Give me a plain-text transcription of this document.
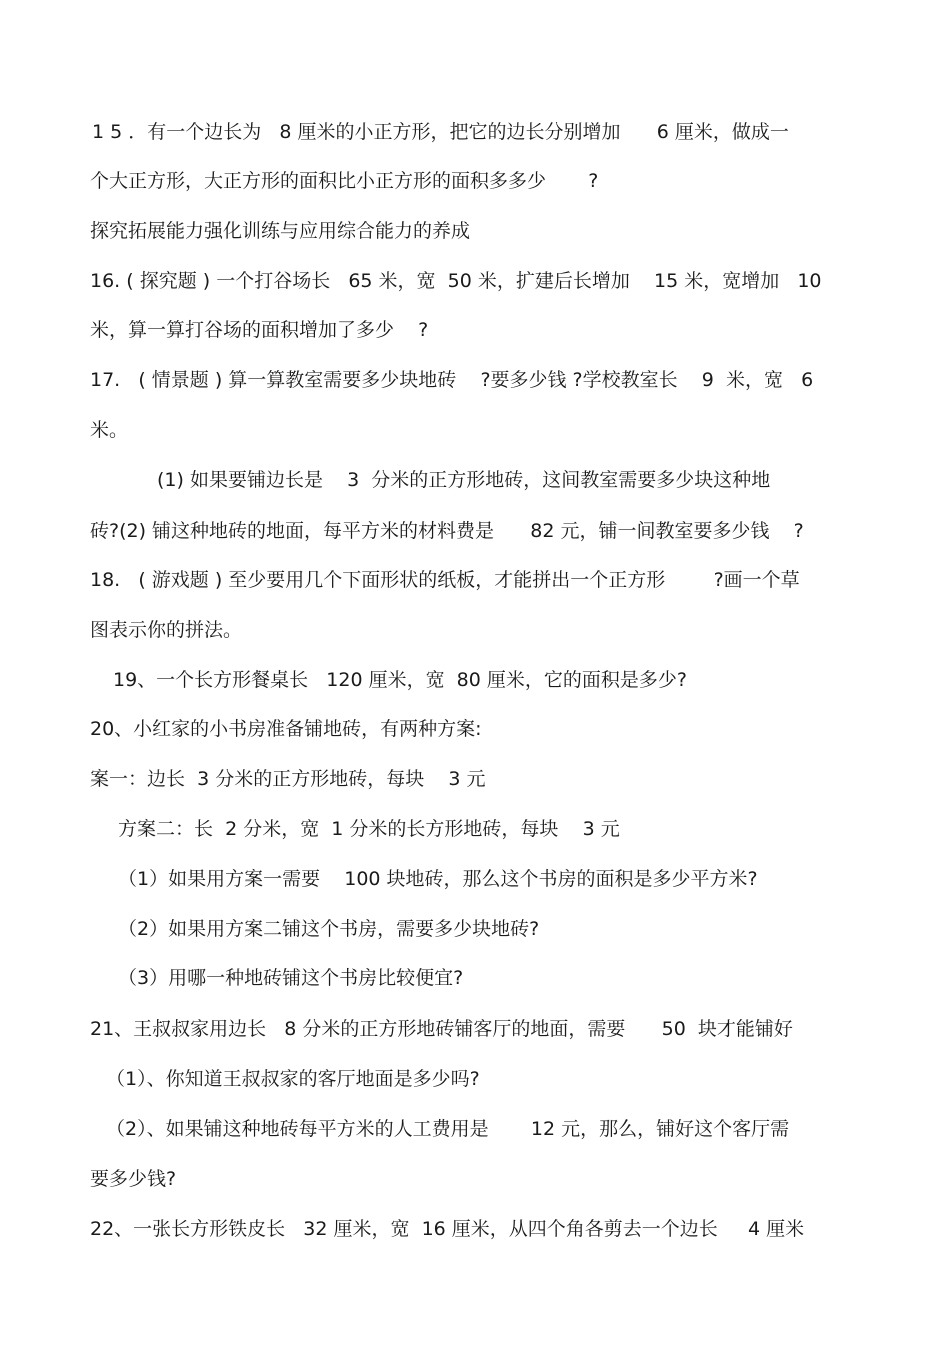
1 5 ．有一个边长为   8 厘米的小正方形，把它的边长分别增加      6 厘米，做成一
个大正方形，大正方形的面积比小正方形的面积多多少       ?
探究拓展能力强化训练与应用综合能力的养成
16. ( 探究题 ) 一个打谷场长   65 米，宽  50 米，扩建后长增加    15 米，宽增加   10
米，算一算打谷场的面积增加了多少    ?
17.   ( 情景题 ) 算一算教室需要多少块地砖    ?要多少钱 ?学校教室长    9  米，宽   6
米。
(1) 如果要铺边长是    3  分米的正方形地砖，这间教室需要多少块这种地
砖?(2) 铺这种地砖的地面，每平方米的材料费是      82 元，铺一间教室要多少钱    ?
18.   ( 游戏题 ) 至少要用几个下面形状的纸板，才能拼出一个正方形        ?画一个草
图表示你的拼法。
19、一个长方形餐桌长   120 厘米，宽  80 厘米，它的面积是多少?
20、小红家的小书房准备铺地砖，有两种方案:
案一：边长  3 分米的正方形地砖，每块    3 元
方案二：长  2 分米，宽  1 分米的长方形地砖，每块    3 元
（1）如果用方案一需要    100 块地砖，那么这个书房的面积是多少平方米?
（2）如果用方案二铺这个书房，需要多少块地砖?
（3）用哪一种地砖铺这个书房比较便宜?
21、王叔叔家用边长   8 分米的正方形地砖铺客厅的地面，需要      50  块才能铺好
（1）、你知道王叔叔家的客厅地面是多少吗?
（2）、如果铺这种地砖每平方米的人工费用是       12 元，那么，铺好这个客厅需
要多少钱?
22、一张长方形铁皮长   32 厘米，宽  16 厘米，从四个角各剪去一个边长     4 厘米
